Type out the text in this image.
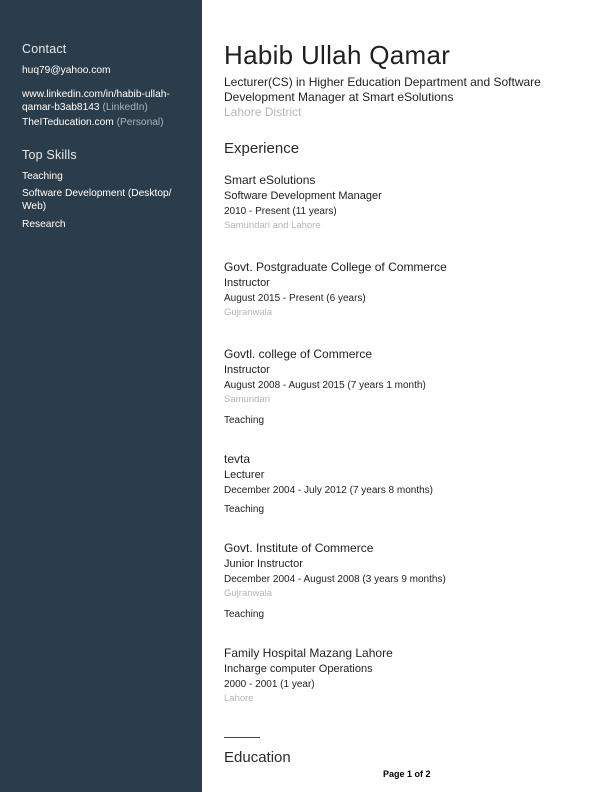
Contact
huq79@yahoo.com
www.linkedin.com/in/habib-ullah-qamar-b3ab8143 (LinkedIn)
TheITeducation.com (Personal)
Top Skills
Teaching
Software Development (Desktop/ Web)
Research
Habib Ullah Qamar
Lecturer(CS) in Higher Education Department and Software Development Manager at Smart eSolutions
Lahore District
Experience
Smart eSolutions
Software Development Manager
2010 - Present (11 years)
Samundari and Lahore
Govt. Postgraduate College of Commerce
Instructor
August 2015 - Present (6 years)
Gujranwala
Govtl. college of Commerce
Instructor
August 2008 - August 2015 (7 years 1 month)
Samundari
Teaching
tevta
Lecturer
December 2004 - July 2012 (7 years 8 months)
Teaching
Govt. Institute of Commerce
Junior Instructor
December 2004 - August 2008 (3 years 9 months)
Gujranwala
Teaching
Family Hospital Mazang Lahore
Incharge computer Operations
2000 - 2001 (1 year)
Lahore
Education
Page 1 of 2
